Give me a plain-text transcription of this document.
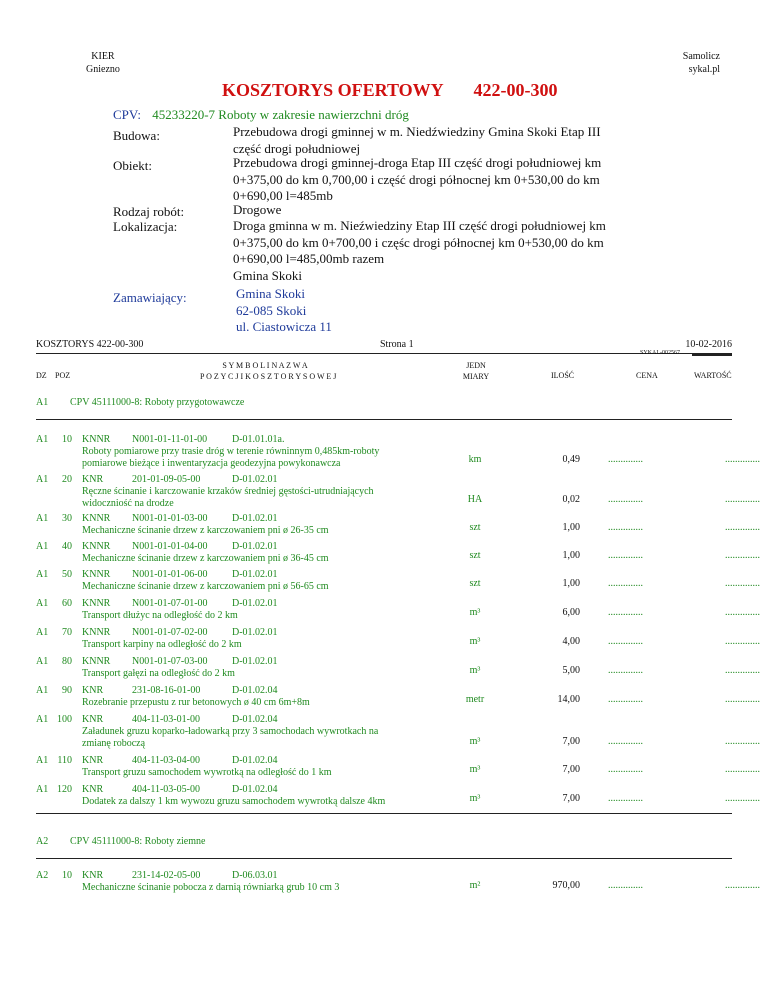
KIER
Gniezno
Samolicz
sykal.pl
KOSZTORYS OFERTOWY 422-00-300
CPV: 45233220-7 Roboty w zakresie nawierzchni dróg
Budowa:	Przebudowa drogi gminnej w m. Niedźwiedziny Gmina Skoki Etap III
część drogi południowej
Obiekt:	Przebudowa drogi gminnej-droga Etap III część drogi południowej km
0+375,00 do km 0,700,00 i część drogi północnej km 0+530,00 do km
0+690,00 l=485mb
Rodzaj robót:	Drogowe
Lokalizacja:	Droga gminna w m. Nieźwiedziny Etap III część drogi południowej km
0+375,00 do km 0+700,00 i częśc drogi północnej km 0+530,00 do km
0+690,00 l=485,00mb razem
Gmina Skoki
Zamawiający:	Gmina Skoki
62-085 Skoki
ul. Ciastowicza 11
KOSZTORYS 422-00-300	Strona 1	10-02-2016
SYKAL-002567
DZ POZ
S Y M B O L I N A Z W A
P O Z Y C J I K O S Z T O R Y S O W E J
JEDN
MIARY	ILOŚĆ	CENA	WARTOŚĆ
A1 CPV 45111000-8: Roboty przygotowawcze
A1	10 KNNR N001-01-11-01-00 D-01.01.01a.
Roboty pomiarowe przy trasie dróg w terenie równinnym 0,485km-roboty
pomiarowe bieżące i inwentaryzacja geodezyjna powykonawcza	km	0,49	..............	..............
A1	20 KNR	201-01-09-05-00	D-01.02.01
Ręczne ścinanie i karczowanie krzaków średniej gęstości-utrudniających
widoczniość na drodze	HA	0,02	..............	..............
A1	30 KNNR N001-01-01-03-00 D-01.02.01
Mechaniczne ścinanie drzew z karczowaniem pni ø 26-35 cm	szt	1,00	..............	..............
A1	40 KNNR N001-01-01-04-00 D-01.02.01
Mechaniczne ścinanie drzew z karczowaniem pni ø 36-45 cm	szt	1,00	..............	..............
A1	50 KNNR N001-01-01-06-00 D-01.02.01
Mechaniczne ścinanie drzew z karczowaniem pni ø 56-65 cm	szt	1,00	..............	..............
A1	60 KNNR N001-01-07-01-00 D-01.02.01
Transport dłużyc na odległość do 2 km	m³	6,00	..............	..............
A1	70 KNNR N001-01-07-02-00 D-01.02.01
Transport karpiny na odległość do 2 km	m³	4,00	..............	..............
A1	80 KNNR N001-01-07-03-00 D-01.02.01
Transport gałęzi na odległość do 2 km	m³	5,00	..............	..............
A1	90 KNR	231-08-16-01-00	D-01.02.04
Rozebranie przepustu z rur betonowych ø 40 cm 6m+8m	metr	14,00	..............	..............
A1 100 KNR	404-11-03-01-00	D-01.02.04
Załadunek gruzu koparko-ładowarką przy 3 samochodach wywrotkach na
zmianę roboczą	m³	7,00	..............	..............
A1 110 KNR	404-11-03-04-00	D-01.02.04
Transport gruzu samochodem wywrotką na odległość do 1 km	m³	7,00	..............	..............
A1 120 KNR	404-11-03-05-00	D-01.02.04
Dodatek za dalszy 1 km wywozu gruzu samochodem wywrotką dalsze 4km	m³	7,00	..............	..............
A2 CPV 45111000-8: Roboty ziemne
A2	10 KNR	231-14-02-05-00	D-06.03.01
Mechaniczne ścinanie pobocza z darnią równiarką grub 10 cm 3	m²	970,00	..............	..............
